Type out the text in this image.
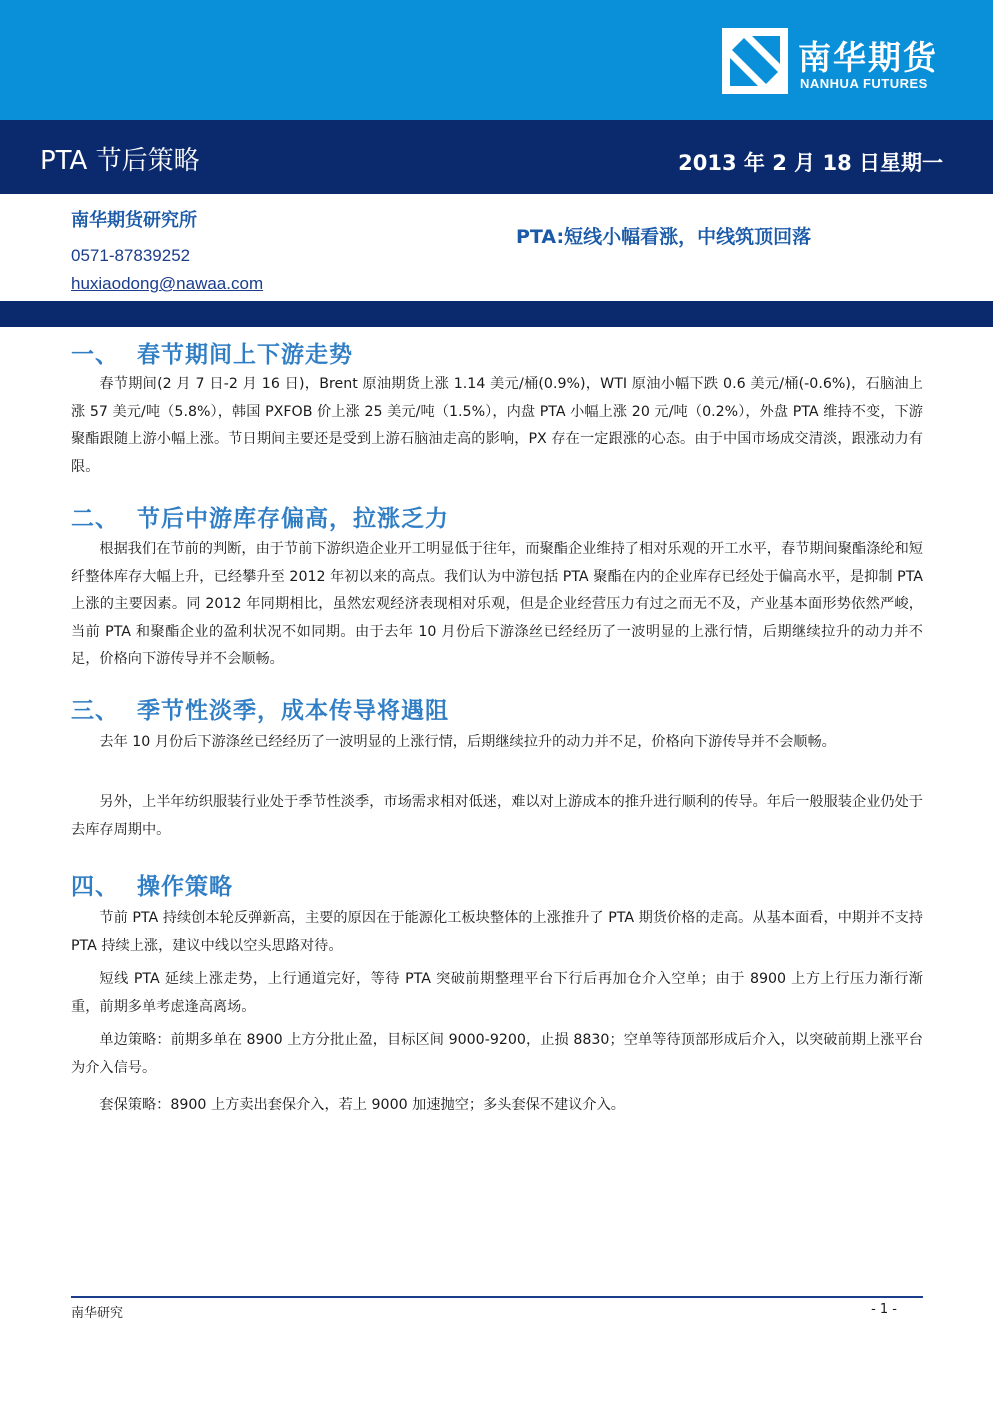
南华期货
NANHUA FUTURES
PTA 节后策略	2013 年 2 月 18 日星期一
南华期货研究所
0571-87839252
huxiaodong@nawaa.com
PTA:短线小幅看涨，中线筑顶回落
一、 春节期间上下游走势
春节期间(2 月 7 日-2 月 16 日)，Brent 原油期货上涨 1.14 美元/桶(0.9%)，WTI 原油小幅下跌 0.6 美元/桶(-0.6%)，石脑油上涨 57 美元/吨（5.8%），韩国 PXFOB 价上涨 25 美元/吨（1.5%），内盘 PTA 小幅上涨 20 元/吨（0.2%），外盘 PTA 维持不变，下游聚酯跟随上游小幅上涨。节日期间主要还是受到上游石脑油走高的影响，PX 存在一定跟涨的心态。由于中国市场成交清淡，跟涨动力有限。
二、 节后中游库存偏高，拉涨乏力
根据我们在节前的判断，由于节前下游织造企业开工明显低于往年，而聚酯企业维持了相对乐观的开工水平，春节期间聚酯涤纶和短纤整体库存大幅上升，已经攀升至 2012 年初以来的高点。我们认为中游包括 PTA 聚酯在内的企业库存已经处于偏高水平，是抑制 PTA 上涨的主要因素。同 2012 年同期相比，虽然宏观经济表现相对乐观，但是企业经营压力有过之而无不及，产业基本面形势依然严峻，当前 PTA 和聚酯企业的盈利状况不如同期。由于去年 10 月份后下游涤丝已经经历了一波明显的上涨行情，后期继续拉升的动力并不足，价格向下游传导并不会顺畅。
三、 季节性淡季，成本传导将遇阻
去年 10 月份后下游涤丝已经经历了一波明显的上涨行情，后期继续拉升的动力并不足，价格向下游传导并不会顺畅。
另外，上半年纺织服装行业处于季节性淡季，市场需求相对低迷，难以对上游成本的推升进行顺利的传导。年后一般服装企业仍处于去库存周期中。
四、 操作策略
节前 PTA 持续创本轮反弹新高，主要的原因在于能源化工板块整体的上涨推升了 PTA 期货价格的走高。从基本面看，中期并不支持 PTA 持续上涨，建议中线以空头思路对待。
短线 PTA 延续上涨走势，上行通道完好，等待 PTA 突破前期整理平台下行后再加仓介入空单；由于 8900 上方上行压力渐行渐重，前期多单考虑逢高离场。
单边策略：前期多单在 8900 上方分批止盈，目标区间 9000-9200，止损 8830；空单等待顶部形成后介入，以突破前期上涨平台为介入信号。
套保策略：8900 上方卖出套保介入，若上 9000 加速抛空；多头套保不建议介入。
南华研究	- 1 -
